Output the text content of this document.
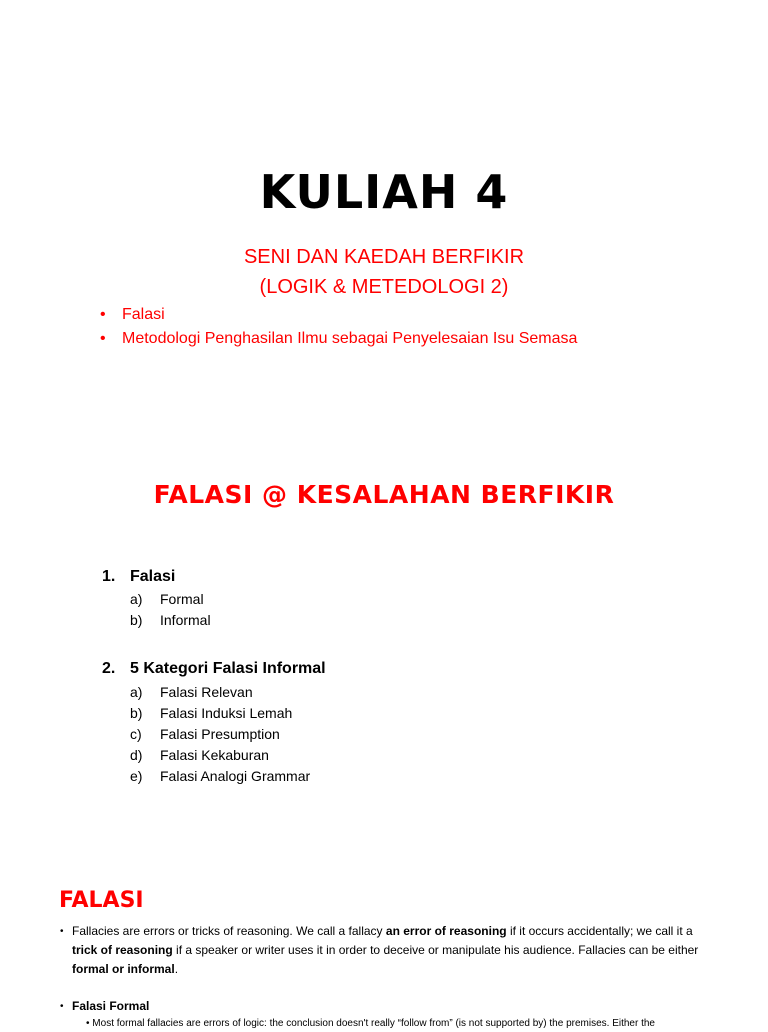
KULIAH 4
SENI DAN KAEDAH BERFIKIR
(LOGIK & METEDOLOGI 2)
• Falasi
• Metodologi Penghasilan Ilmu sebagai Penyelesaian Isu Semasa
FALASI @ KESALAHAN BERFIKIR
1. Falasi
a) Formal
b) Informal
2. 5 Kategori Falasi Informal
a) Falasi Relevan
b) Falasi Induksi Lemah
c) Falasi Presumption
d) Falasi Kekaburan
e) Falasi Analogi Grammar
FALASI
• Fallacies are errors or tricks of reasoning. We call a fallacy an error of reasoning if it occurs accidentally; we call it a trick of reasoning if a speaker or writer uses it in order to deceive or manipulate his audience. Fallacies can be either formal or informal.
• Falasi Formal
• Most formal fallacies are errors of logic: the conclusion doesn't really “follow from” (is not supported by) the premises. Either the
